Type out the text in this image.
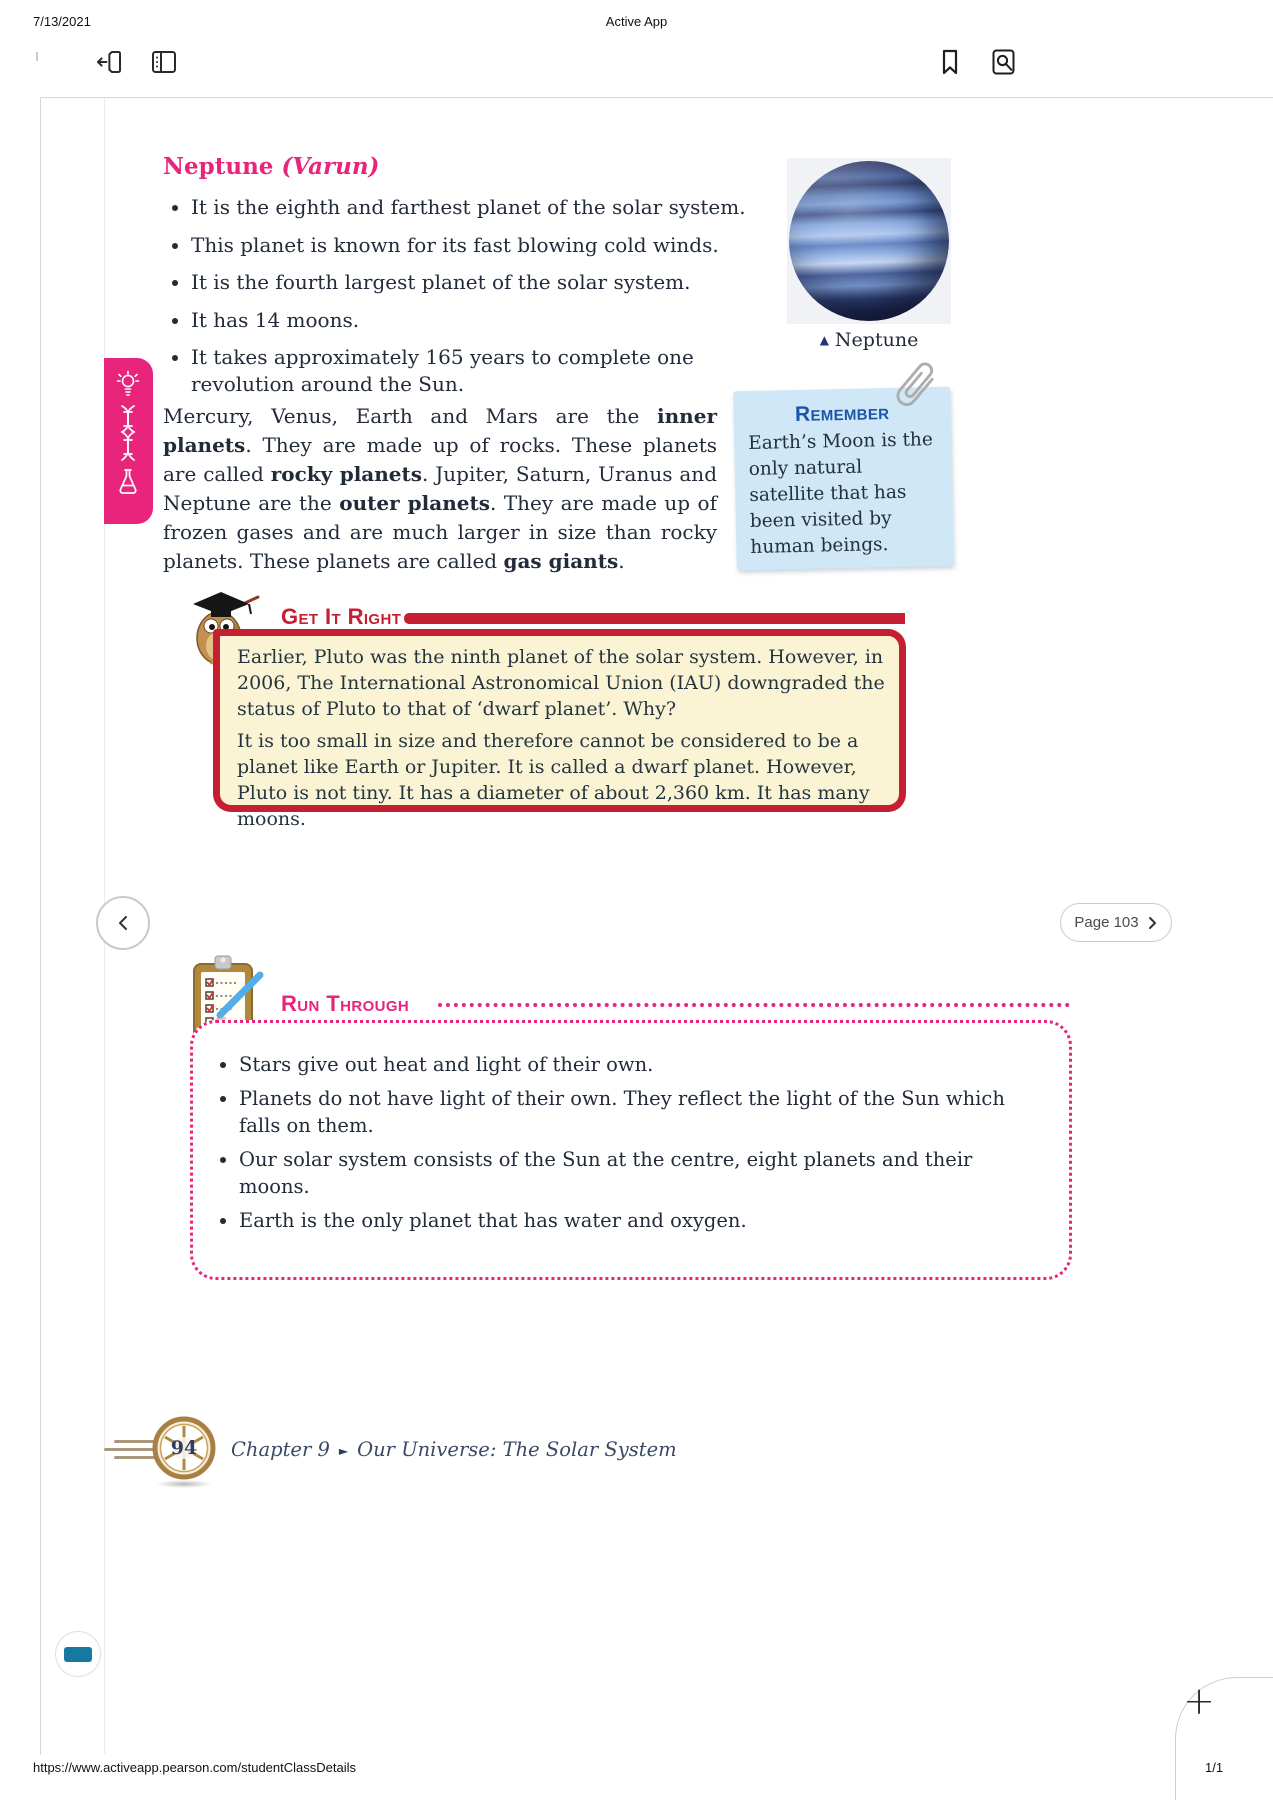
7/13/2021	Active App
Neptune (Varun)
• It is the eighth and farthest planet of the solar system.
• This planet is known for its fast blowing cold winds.
• It is the fourth largest planet of the solar system.
• It has 14 moons.
• It takes approximately 165 years to complete one revolution around the Sun.
▲ Neptune

Mercury, Venus, Earth and Mars are the inner planets. They are made up of rocks. These planets are called rocky planets. Jupiter, Saturn, Uranus and Neptune are the outer planets. They are made up of frozen gases and are much larger in size than rocky planets. These planets are called gas giants.

Remember
Earth’s Moon is the only natural satellite that has been visited by human beings.
Get It Right

Earlier, Pluto was the ninth planet of the solar system. However, in 2006, The International Astronomical Union (IAU) downgraded the status of Pluto to that of ‘dwarf planet’. Why?

It is too small in size and therefore cannot be considered to be a planet like Earth or Jupiter. It is called a dwarf planet. However, Pluto is not tiny. It has a diameter of about 2,360 km. It has many moons.

Page 103
Run Through
• Stars give out heat and light of their own.
• Planets do not have light of their own. They reflect the light of the Sun which falls on them.
• Our solar system consists of the Sun at the centre, eight planets and their moons.
• Earth is the only planet that has water and oxygen.
94	Chapter 9 ► Our Universe: The Solar System
+
https://www.activeapp.pearson.com/studentClassDetails	1/1
